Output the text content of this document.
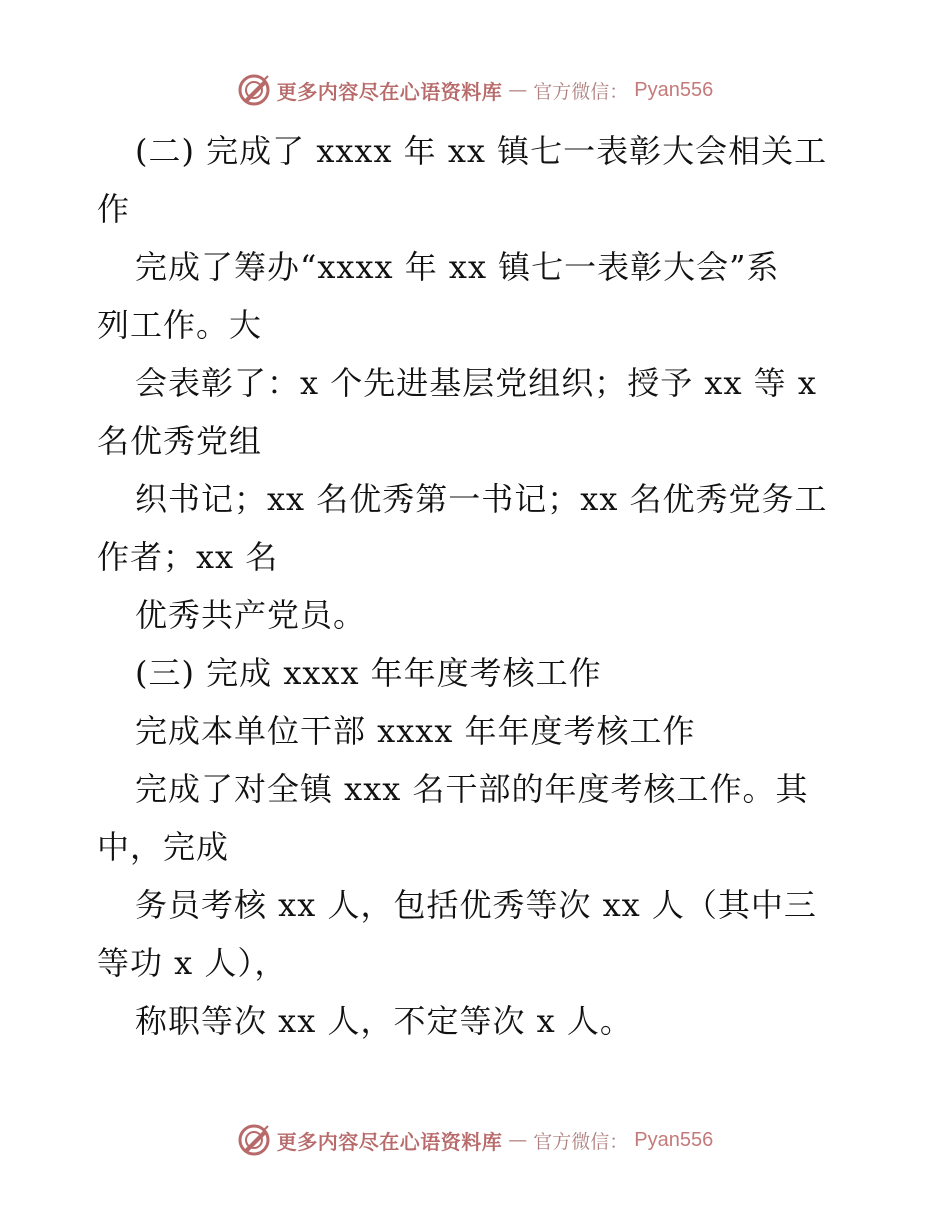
更多内容尽在心语资料库 — 官方微信： Pyan556
(二) 完成了 xxxx 年 xx 镇七一表彰大会相关工
作
完成了筹办“xxxx 年 xx 镇七一表彰大会”系
列工作。大
会表彰了：x 个先进基层党组织；授予 xx 等 x
名优秀党组
织书记；xx 名优秀第一书记；xx 名优秀党务工
作者；xx 名
优秀共产党员。
(三) 完成 xxxx 年年度考核工作
完成本单位干部 xxxx 年年度考核工作
完成了对全镇 xxx 名干部的年度考核工作。其
中，完成
务员考核 xx 人，包括优秀等次 xx 人（其中三
等功 x 人），
称职等次 xx 人，不定等次 x 人。
更多内容尽在心语资料库 — 官方微信： Pyan556
